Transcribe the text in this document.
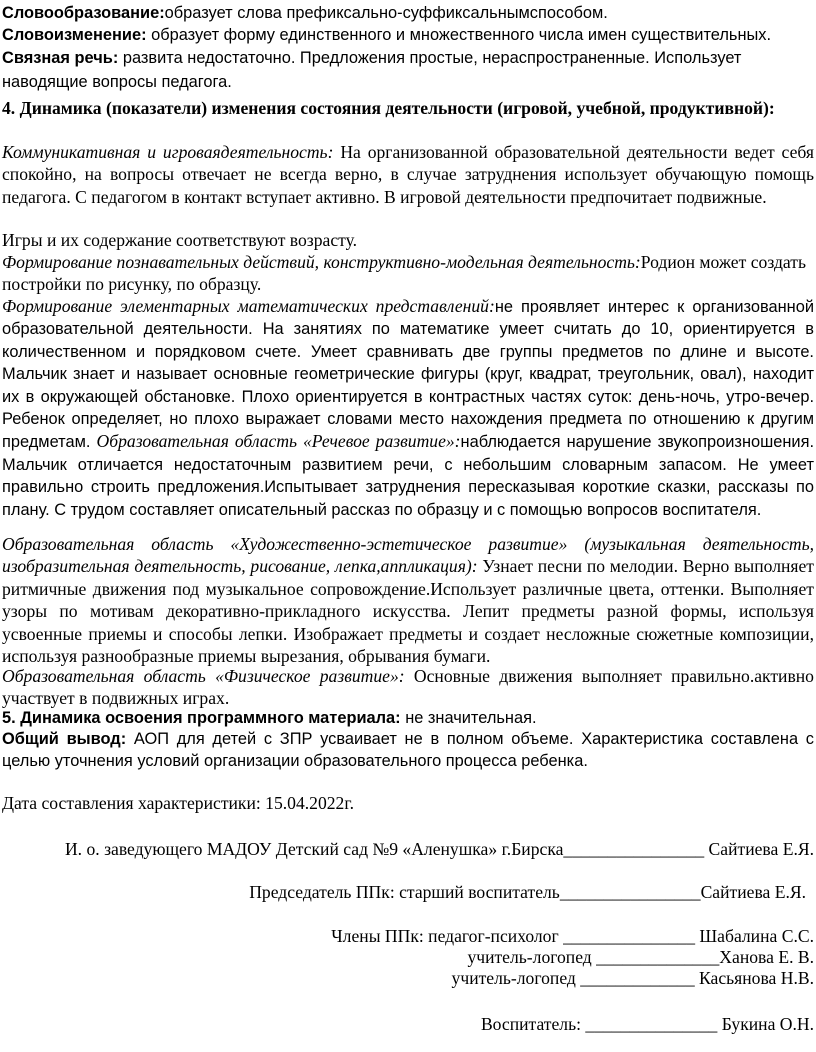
Словообразование:образует слова префиксально-суффиксальнымспособом.

Словоизменение: образует форму единственного и множественного числа имен существительных.

Связная речь: развита недостаточно. Предложения простые, нераспространенные. Использует наводящие вопросы педагога.

4. Динамика (показатели) изменения состояния деятельности (игровой, учебной, продуктивной):

Коммуникативная и игроваядеятельность: На организованной образовательной деятельности ведет себя спокойно, на вопросы отвечает не всегда верно, в случае затруднения использует обучающую помощь педагога. С педагогом в контакт вступает активно. В игровой деятельности предпочитает подвижные.

Игры и их содержание соответствуют возрасту.

Формирование познавательных действий, конструктивно-модельная деятельность:Родион может создать постройки по рисунку, по образцу.

Формирование элементарных математических представлений:не проявляет интерес к организованной образовательной деятельности. На занятиях по математике умеет считать до 10, ориентируется в количественном и порядковом счете. Умеет сравнивать две группы предметов по длине и высоте. Мальчик знает и называет основные геометрические фигуры (круг, квадрат, треугольник, овал), находит их в окружающей обстановке. Плохо ориентируется в контрастных частях суток: день-ночь, утро-вечер. Ребенок определяет, но плохо выражает словами место нахождения предмета по отношению к другим предметам. Образовательная область «Речевое развитие»:наблюдается нарушение звукопроизношения. Мальчик отличается недостаточным развитием речи, с небольшим словарным запасом. Не умеет правильно строить предложения.Испытывает затруднения пересказывая короткие сказки, рассказы по плану. С трудом составляет описательный рассказ по образцу и с помощью вопросов воспитателя.

Образовательная область «Художественно-эстетическое развитие» (музыкальная деятельность, изобразительная деятельность, рисование, лепка,аппликация): Узнает песни по мелодии. Верно выполняет ритмичные движения под музыкальное сопровождение.Использует различные цвета, оттенки. Выполняет узоры по мотивам декоративно-прикладного искусства. Лепит предметы разной формы, используя усвоенные приемы и способы лепки. Изображает предметы и создает несложные сюжетные композиции, используя разнообразные приемы вырезания, обрывания бумаги.

Образовательная область «Физическое развитие»: Основные движения выполняет правильно.активно участвует в подвижных играх.

5. Динамика освоения программного материала: не значительная.

Общий вывод: АОП для детей с ЗПР усваивает не в полном объеме. Характеристика составлена с целью уточнения условий организации образовательного процесса ребенка.

Дата составления характеристики: 15.04.2022г.

И. о. заведующего МАДОУ Детский сад №9 «Аленушка» г.Бирска________________ Сайтиева Е.Я.

Председатель ППк: старший воспитатель________________Сайтиева Е.Я.

Члены ППк: педагог-психолог _______________ Шабалина С.С.

учитель-логопед ______________Ханова Е. В.

учитель-логопед _____________ Касьянова Н.В.

Воспитатель: _______________ Букина О.Н.
